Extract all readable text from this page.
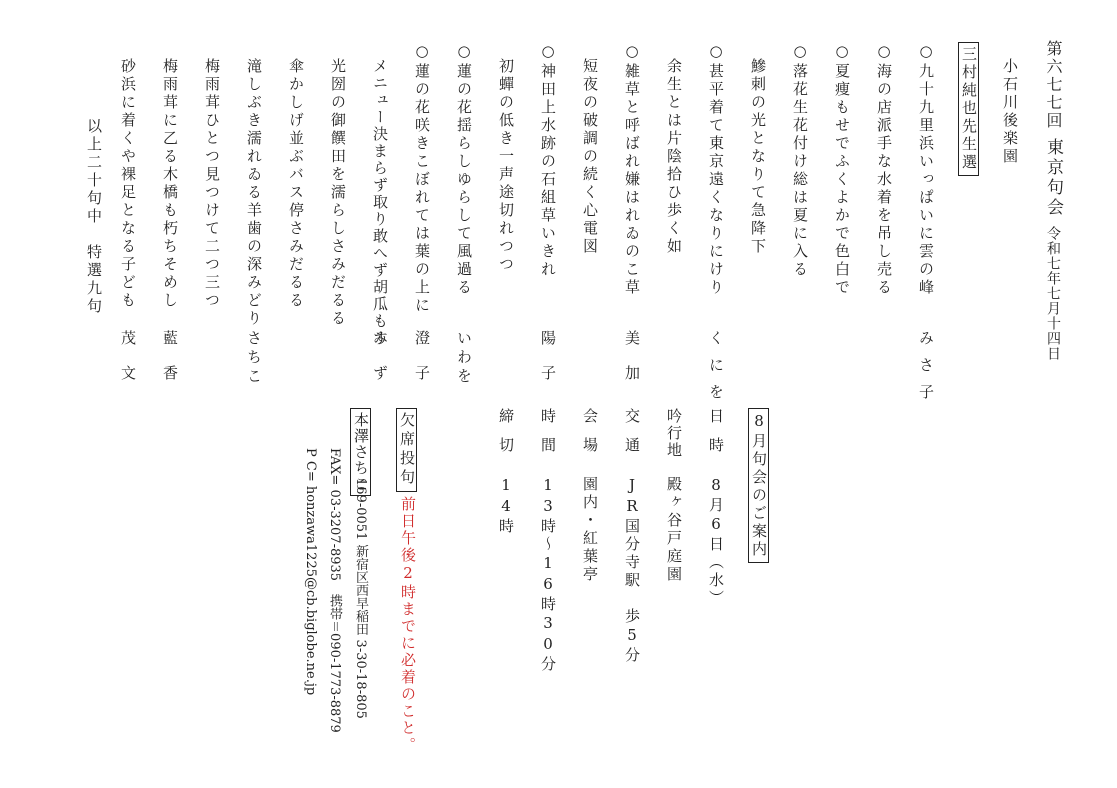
第六七七回東京句会令和七年七月十四日
小石川後楽園
三村純也先生選
○九十九里浜いっぱいに雲の峰
みさ子
○海の店派手な水着を吊し売る
○夏痩もせでふくよかで色白で
○落花生花付け総は夏に入る
鰺刺の光となりて急降下
○甚平着て東京遠くなりにけり
くにを
余生とは片陰拾ひ歩く如
○雑草と呼ばれ嫌はれゐのこ草
美加
短夜の破調の続く心電図
○神田上水跡の石組草いきれ
陽子
初蟬の低き一声途切れつつ
○蓮の花揺らしゆらして風過る
いわを
○蓮の花咲きこぼれては葉の上に
澄子
メニュー決まらず取り敢へず胡瓜もみ
すず
光圀の御饌田を濡らしさみだるる
傘かしげ並ぶバス停さみだるる
滝しぶき濡れゐる羊歯の深みどり
さちこ
梅雨茸ひとつ見つけて二つ三つ
梅雨茸に乙る木橋も朽ちそめし
藍香
砂浜に着くや裸足となる子ども
茂文
以上二十句中　特選九句
8月句会のご案内
日時
8月6日（水）
吟行地
殿ヶ谷戸庭園
交通
JR国分寺駅　歩5分
会場
園内・紅葉亭
時間
13時～16時30分
締切
14時
欠席投句
前日午後2時までに必着のこと。
本澤さちこ
169-0051 新宿区西早稲田 3-30-18-805
FAX= 03-3207-8935　携帯＝090-1773-8879
P C= honzawa1225@cb.biglobe.ne.jp
